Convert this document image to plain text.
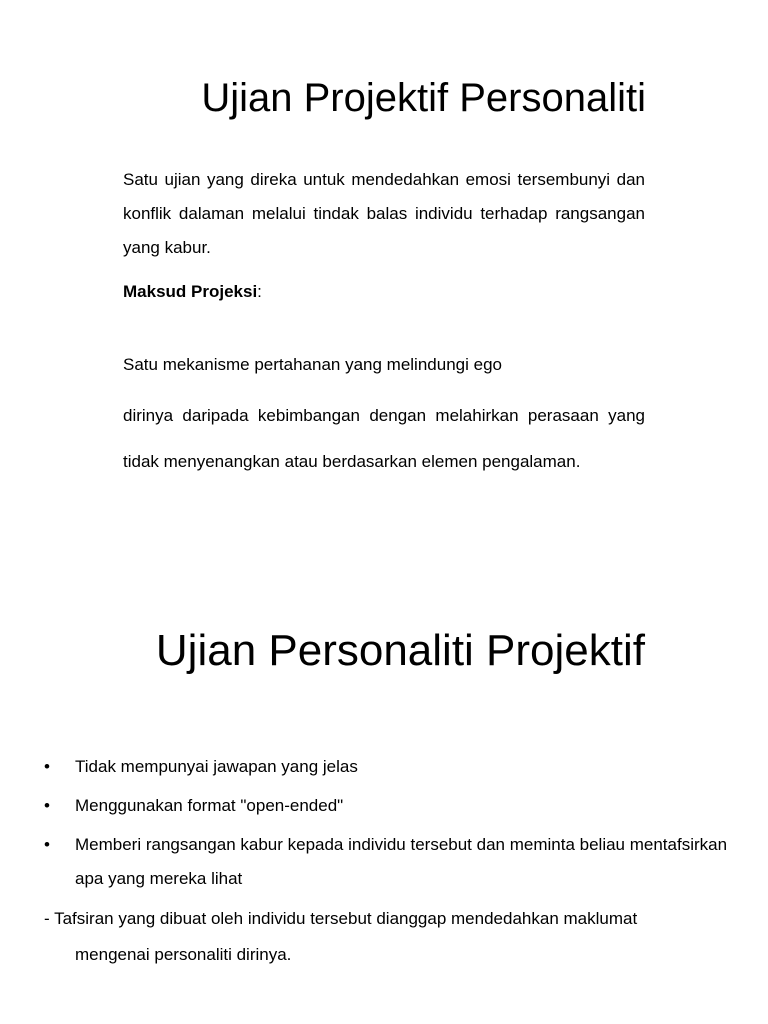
Ujian Projektif Personaliti

Satu ujian yang direka untuk mendedahkan emosi tersembunyi dan konflik dalaman melalui tindak balas individu terhadap rangsangan yang kabur.

Maksud Projeksi:

Satu mekanisme pertahanan yang melindungi ego

dirinya daripada kebimbangan dengan melahirkan perasaan yang tidak menyenangkan atau berdasarkan elemen pengalaman.

Ujian Personaliti Projektif
• Tidak mempunyai jawapan yang jelas
• Menggunakan format "open-ended"
• Memberi rangsangan kabur kepada individu tersebut dan meminta beliau mentafsirkan apa yang mereka lihat

- Tafsiran yang dibuat oleh individu tersebut dianggap mendedahkan maklumat
mengenai personaliti dirinya.
